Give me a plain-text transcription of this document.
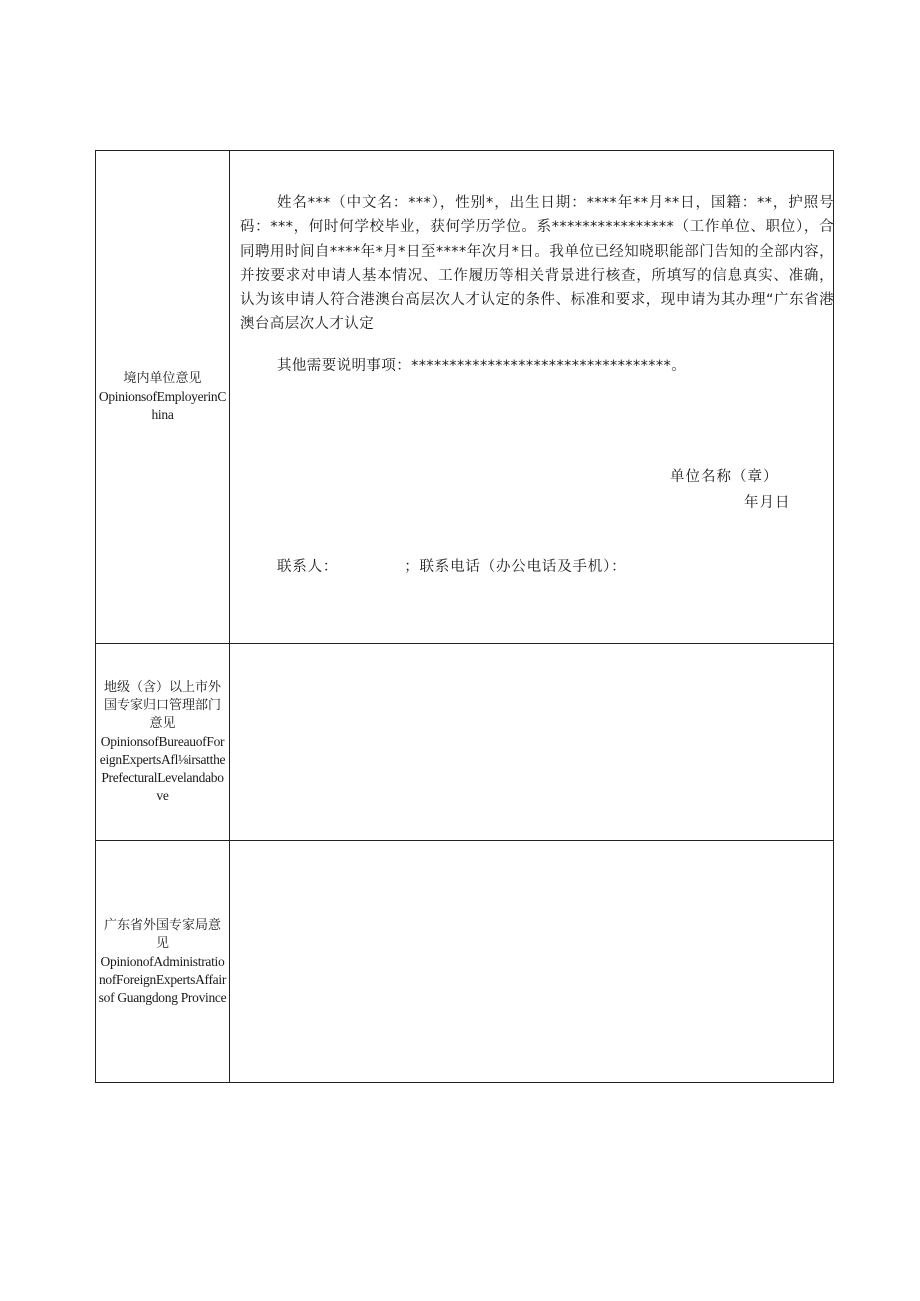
境内单位意见
OpinionsofEmployerinChina

姓名***（中文名：***），性别*，出生日期：****年**月**日，国籍：**，护照号码：***，何时何学校毕业，获何学历学位。系****************（工作单位、职位），合同聘用时间自****年*月*日至****年次月*日。我单位已经知晓职能部门告知的全部内容，并按要求对申请人基本情况、工作履历等相关背景进行核查，所填写的信息真实、准确，认为该申请人符合港澳台高层次人才认定的条件、标准和要求，现申请为其办理“广东省港澳台高层次人才认定

其他需要说明事项：**********************************。
单位名称（章）
年月日
联系人：	；联系电话（办公电话及手机）：
地级（含）以上市外国专家归口管理部门意见
OpinionsofBureauofForeignExpertsAfl⅛irsatthePrefecturalLevelandabove
广东省外国专家局意见
OpinionofAdministrationofForeignExpertsAffairsof Guangdong Province
